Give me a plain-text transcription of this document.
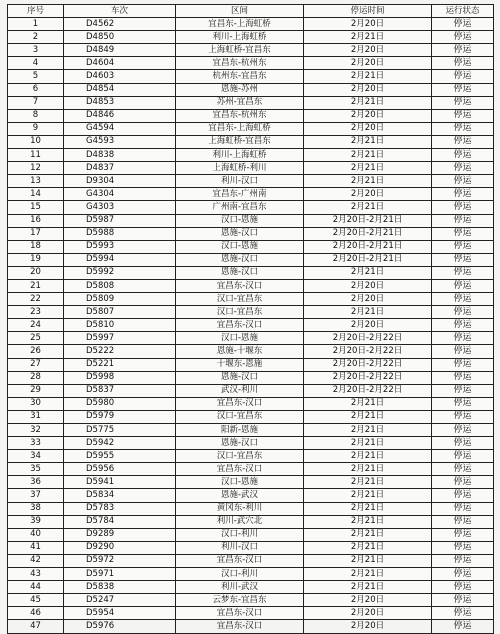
序号	车次	区间	停运时间	运行状态
1	D4562	宜昌东-上海虹桥	2月20日	停运
2	D4850	利川-上海虹桥	2月21日	停运
3	D4849	上海虹桥-宜昌东	2月20日	停运
4	D4604	宜昌东-杭州东	2月20日	停运
5	D4603	杭州东-宜昌东	2月21日	停运
6	D4854	恩施-苏州	2月20日	停运
7	D4853	苏州-宜昌东	2月21日	停运
8	D4846	宜昌东-杭州东	2月20日	停运
9	G4594	宜昌东-上海虹桥	2月20日	停运
10	G4593	上海虹桥-宜昌东	2月21日	停运
11	D4838	利川-上海虹桥	2月21日	停运
12	D4837	上海虹桥-利川	2月21日	停运
13	D9304	利川-汉口	2月21日	停运
14	G4304	宜昌东-广州南	2月20日	停运
15	G4303	广州南-宜昌东	2月21日	停运
16	D5987	汉口-恩施	2月20日-2月21日	停运
17	D5988	恩施-汉口	2月20日-2月21日	停运
18	D5993	汉口-恩施	2月20日-2月21日	停运
19	D5994	恩施-汉口	2月20日-2月21日	停运
20	D5992	恩施-汉口	2月21日	停运
21	D5808	宜昌东-汉口	2月20日	停运
22	D5809	汉口-宜昌东	2月20日	停运
23	D5807	汉口-宜昌东	2月21日	停运
24	D5810	宜昌东-汉口	2月20日	停运
25	D5997	汉口-恩施	2月20日-2月22日	停运
26	D5222	恩施-十堰东	2月20日-2月22日	停运
27	D5221	十堰东-恩施	2月20日-2月22日	停运
28	D5998	恩施-汉口	2月20日-2月22日	停运
29	D5837	武汉-利川	2月20日-2月22日	停运
30	D5980	宜昌东-汉口	2月21日	停运
31	D5979	汉口-宜昌东	2月21日	停运
32	D5775	阳新-恩施	2月21日	停运
33	D5942	恩施-汉口	2月21日	停运
34	D5955	汉口-宜昌东	2月21日	停运
35	D5956	宜昌东-汉口	2月21日	停运
36	D5941	汉口-恩施	2月21日	停运
37	D5834	恩施-武汉	2月21日	停运
38	D5783	黄冈东-利川	2月21日	停运
39	D5784	利川-武穴北	2月21日	停运
40	D9289	汉口-利川	2月21日	停运
41	D9290	利川-汉口	2月21日	停运
42	D5972	宜昌东-汉口	2月21日	停运
43	D5971	汉口-利川	2月21日	停运
44	D5838	利川-武汉	2月21日	停运
45	D5247	云梦东-宜昌东	2月20日	停运
46	D5954	宜昌东-汉口	2月20日	停运
47	D5976	宜昌东-汉口	2月20日	停运
